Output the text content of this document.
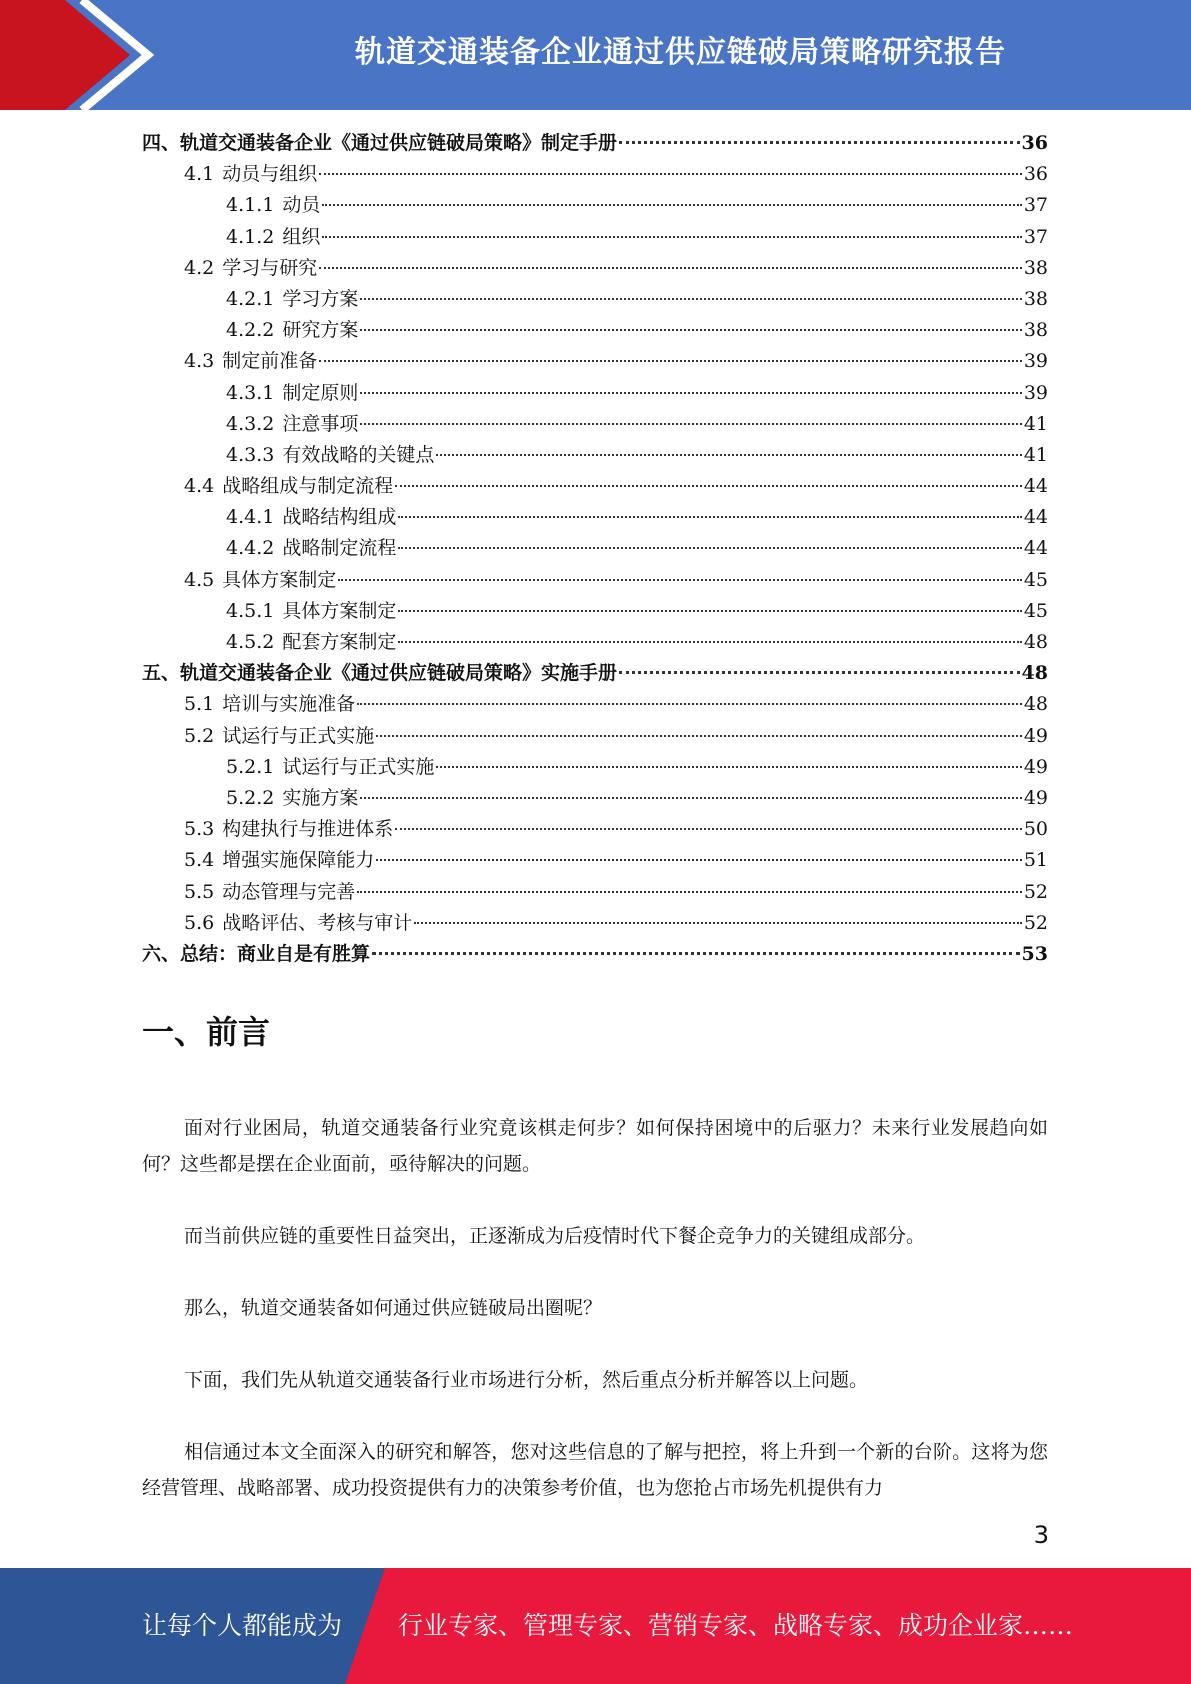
轨道交通装备企业通过供应链破局策略研究报告
四、轨道交通装备企业《通过供应链破局策略》制定手册	36
4.1 动员与组织	36
4.1.1 动员	37
4.1.2 组织	37
4.2 学习与研究	38
4.2.1 学习方案	38
4.2.2 研究方案	38
4.3 制定前准备	39
4.3.1 制定原则	39
4.3.2 注意事项	41
4.3.3 有效战略的关键点	41
4.4 战略组成与制定流程	44
4.4.1 战略结构组成	44
4.4.2 战略制定流程	44
4.5 具体方案制定	45
4.5.1 具体方案制定	45
4.5.2 配套方案制定	48
五、轨道交通装备企业《通过供应链破局策略》实施手册	48
5.1 培训与实施准备	48
5.2 试运行与正式实施	49
5.2.1 试运行与正式实施	49
5.2.2 实施方案	49
5.3 构建执行与推进体系	50
5.4 增强实施保障能力	51
5.5 动态管理与完善	52
5.6 战略评估、考核与审计	52
六、总结：商业自是有胜算	53
一、前言

面对行业困局，轨道交通装备行业究竟该棋走何步？如何保持困境中的后驱力？未来行业发展趋向如何？这些都是摆在企业面前，亟待解决的问题。

而当前供应链的重要性日益突出，正逐渐成为后疫情时代下餐企竞争力的关键组成部分。

那么，轨道交通装备如何通过供应链破局出圈呢？

下面，我们先从轨道交通装备行业市场进行分析，然后重点分析并解答以上问题。

相信通过本文全面深入的研究和解答，您对这些信息的了解与把控，将上升到一个新的台阶。这将为您经营管理、战略部署、成功投资提供有力的决策参考价值，也为您抢占市场先机提供有力

3
让每个人都能成为 行业专家、管理专家、营销专家、战略专家、成功企业家……
